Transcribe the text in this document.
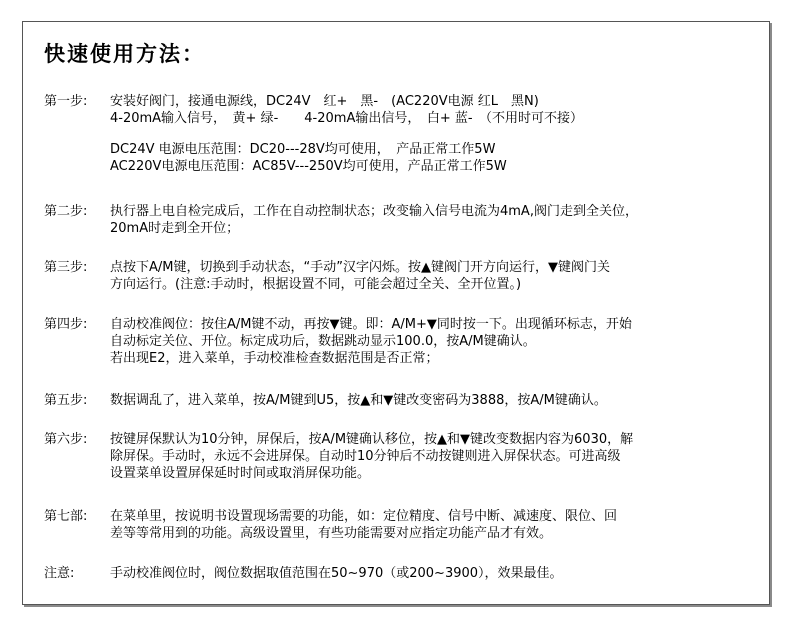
快速使用方法：
第一步: 安装好阀门，接通电源线，DC24V　红+　黑-　(AC220V电源 红L　黑N)
4-20mA输入信号，　黄+ 绿-　　4-20mA输出信号，　白+ 蓝-　（不用时可不接）
DC24V 电源电压范围：DC20---28V均可使用，　产品正常工作5W
AC220V电源电压范围：AC85V---250V均可使用，产品正常工作5W
第二步: 执行器上电自检完成后，工作在自动控制状态；改变输入信号电流为4mA,阀门走到全关位，
20mA时走到全开位；
第三步: 点按下A/M键，切换到手动状态，“手动”汉字闪烁。按▲键阀门开方向运行，▼键阀门关
方向运行。(注意:手动时，根据设置不同，可能会超过全关、全开位置。)
第四步: 自动校准阀位：按住A/M键不动，再按▼键。即：A/M+▼同时按一下。出现循环标志，开始
自动标定关位、开位。标定成功后，数据跳动显示100.0，按A/M键确认。
若出现E2，进入菜单，手动校准检查数据范围是否正常；
第五步: 数据调乱了，进入菜单，按A/M键到U5，按▲和▼键改变密码为3888，按A/M键确认。
第六步: 按键屏保默认为10分钟，屏保后，按A/M键确认移位，按▲和▼键改变数据内容为6030，解
除屏保。手动时，永远不会进屏保。自动时10分钟后不动按键则进入屏保状态。可进高级
设置菜单设置屏保延时时间或取消屏保功能。
第七部: 在菜单里，按说明书设置现场需要的功能，如：定位精度、信号中断、减速度、限位、回
差等等常用到的功能。高级设置里，有些功能需要对应指定功能产品才有效。
注意:	手动校准阀位时，阀位数据取值范围在50~970（或200~3900），效果最佳。
